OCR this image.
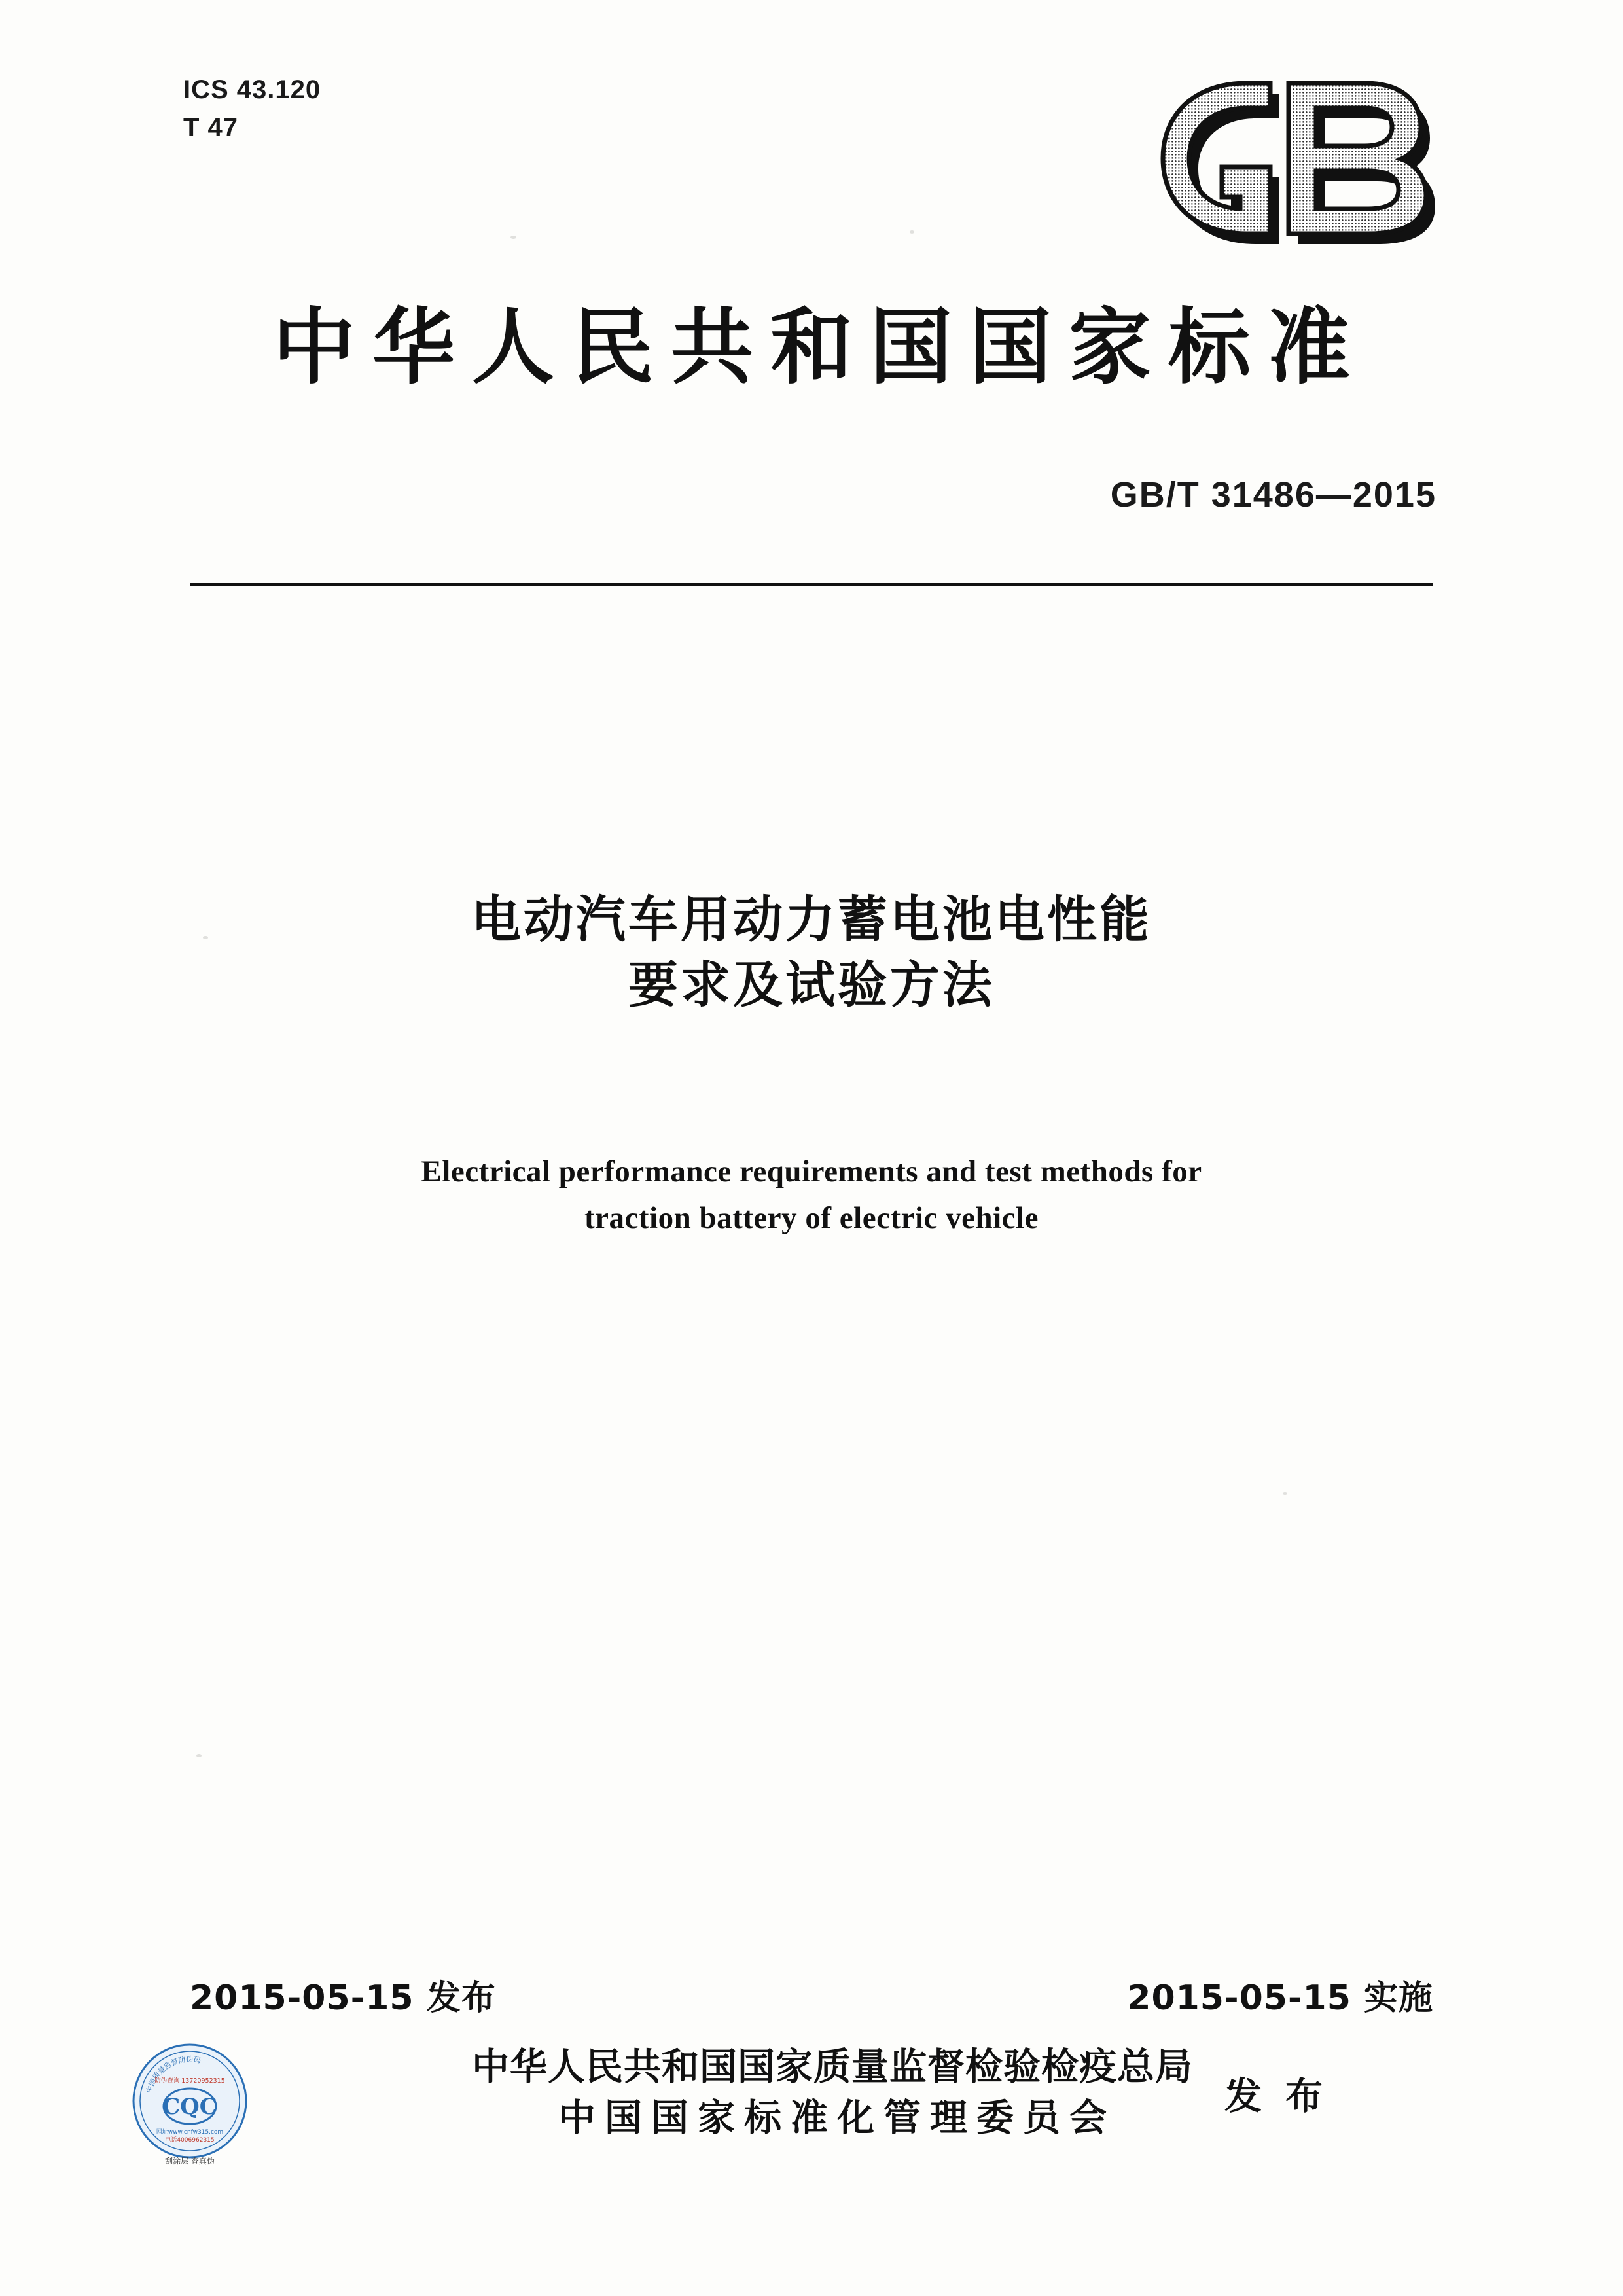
ICS 43.120
T 47
中华人民共和国国家标准
GB/T 31486—2015
电动汽车用动力蓄电池电性能
要求及试验方法
Electrical performance requirements and test methods for
traction battery of electric vehicle
2015-05-15 发布	2015-05-15 实施
中国质量监督防伪码
防伪查询 13720952315
CQC
网址www.cnfw315.com
电话4006962315
刮涂层 查真伪
中华人民共和国国家质量监督检验检疫总局
中国国家标准化管理委员会	发 布
